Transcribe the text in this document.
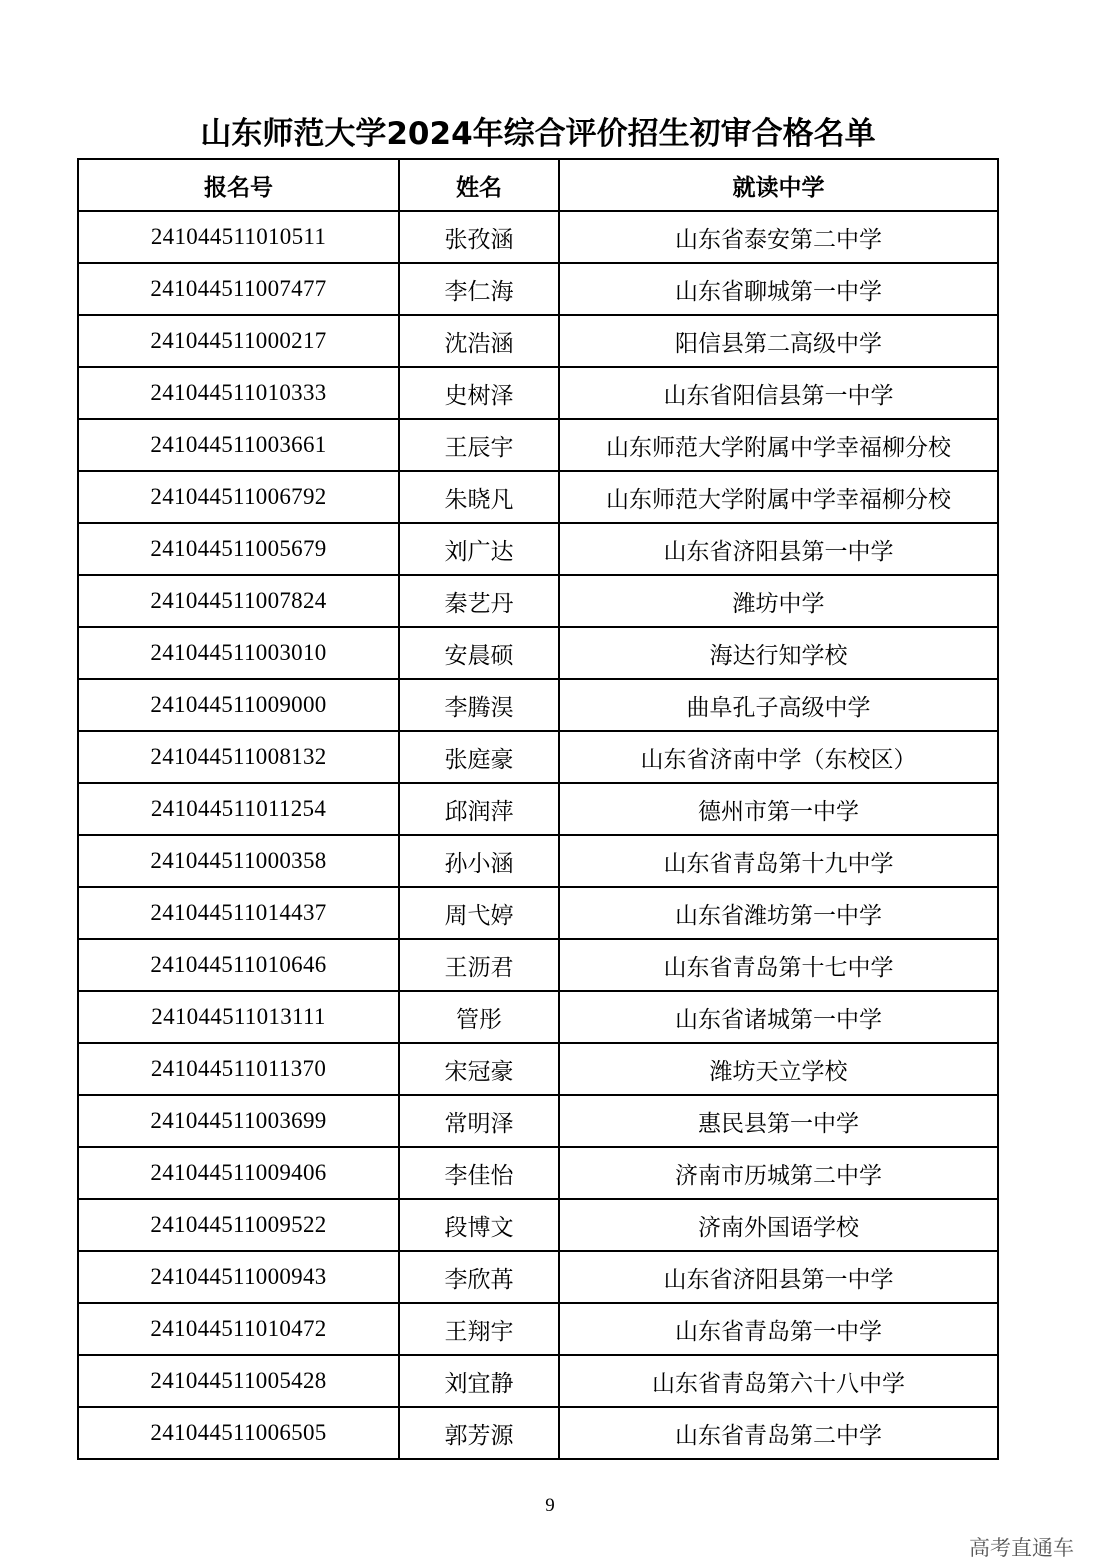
山东师范大学2024年综合评价招生初审合格名单
报名号	姓名	就读中学
241044511010511	张孜涵	山东省泰安第二中学
241044511007477	李仁海	山东省聊城第一中学
241044511000217	沈浩涵	阳信县第二高级中学
241044511010333	史树泽	山东省阳信县第一中学
241044511003661	王辰宇	山东师范大学附属中学幸福柳分校
241044511006792	朱晓凡	山东师范大学附属中学幸福柳分校
241044511005679	刘广达	山东省济阳县第一中学
241044511007824	秦艺丹	潍坊中学
241044511003010	安晨硕	海达行知学校
241044511009000	李腾淏	曲阜孔子高级中学
241044511008132	张庭豪	山东省济南中学（东校区）
241044511011254	邱润萍	德州市第一中学
241044511000358	孙小涵	山东省青岛第十九中学
241044511014437	周弋婷	山东省潍坊第一中学
241044511010646	王沥君	山东省青岛第十七中学
241044511013111	管彤	山东省诸城第一中学
241044511011370	宋冠豪	潍坊天立学校
241044511003699	常明泽	惠民县第一中学
241044511009406	李佳怡	济南市历城第二中学
241044511009522	段博文	济南外国语学校
241044511000943	李欣苒	山东省济阳县第一中学
241044511010472	王翔宇	山东省青岛第一中学
241044511005428	刘宜静	山东省青岛第六十八中学
241044511006505	郭芳源	山东省青岛第二中学
9
高考直通车
